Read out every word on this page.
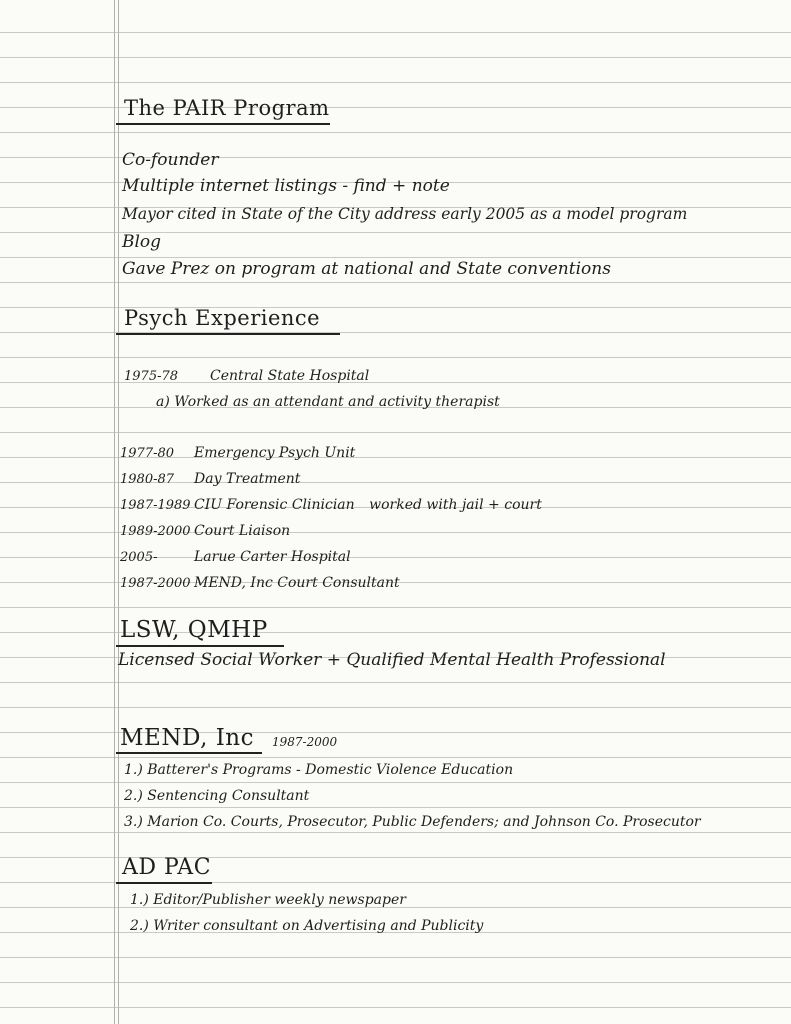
The PAIR Program
Co-founder
Multiple internet listings - find + note
Mayor cited in State of the City address early 2005 as a model program
Blog
Gave Prez on program at national and State conventions
Psych Experience
1975-78 Central State Hospital
a) Worked as an attendant and activity therapist
1977-80 Emergency Psych Unit
1980-87 Day Treatment
1987-1989 CIU Forensic Clinician worked with jail + court
1989-2000 Court Liaison
2005-	Larue Carter Hospital
1987-2000 MEND, Inc Court Consultant
LSW, QMHP
Licensed Social Worker + Qualified Mental Health Professional
MEND, Inc 1987-2000
1.) Batterer's Programs - Domestic Violence Education
2.) Sentencing Consultant
3.) Marion Co. Courts, Prosecutor, Public Defenders; and Johnson Co. Prosecutor
AD PAC
1.) Editor/Publisher weekly newspaper
2.) Writer consultant on Advertising and Publicity
